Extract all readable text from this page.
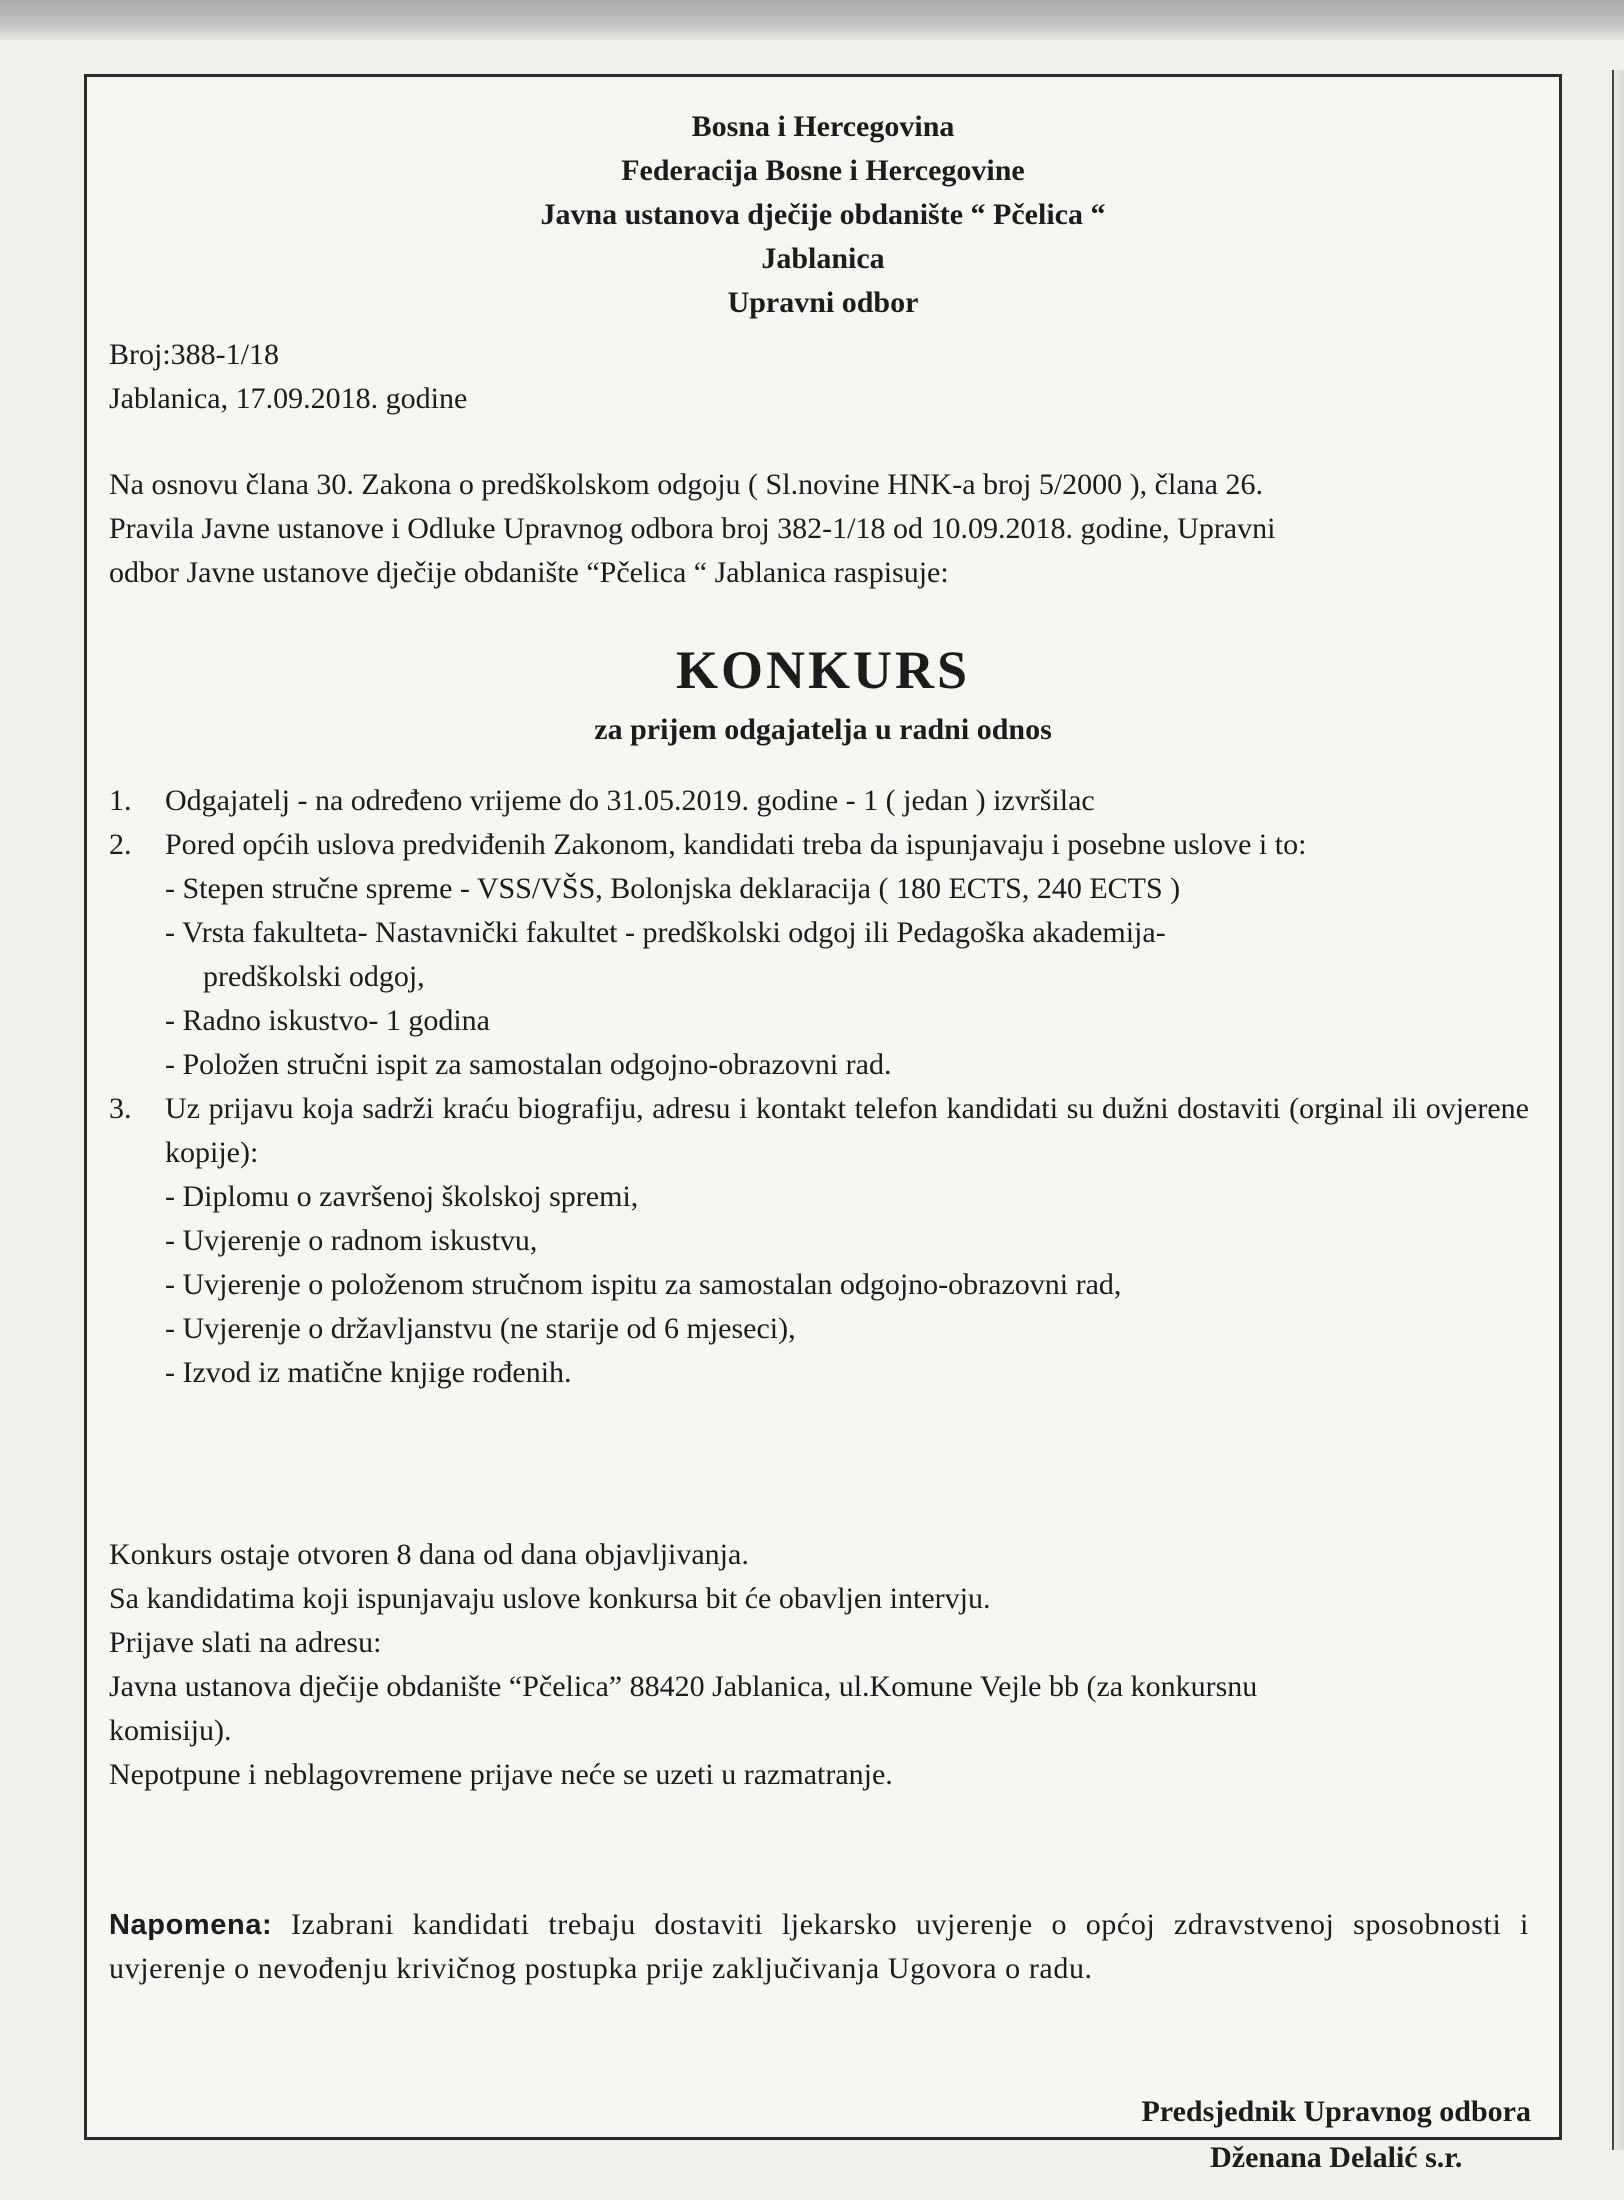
Bosna i Hercegovina
Federacija Bosne i Hercegovine
Javna ustanova dječije obdanište “ Pčelica “
Jablanica
Upravni odbor
Broj:388-1/18
Jablanica, 17.09.2018. godine
Na osnovu člana 30. Zakona o predškolskom odgoju ( Sl.novine HNK-a broj 5/2000 ), člana 26.
Pravila Javne ustanove i Odluke Upravnog odbora broj 382-1/18 od 10.09.2018. godine, Upravni
odbor Javne ustanove dječije obdanište “Pčelica “ Jablanica raspisuje:
KONKURS
za prijem odgajatelja u radni odnos
1.	Odgajatelj - na određeno vrijeme do 31.05.2019. godine - 1 ( jedan ) izvršilac
2.	Pored općih uslova predviđenih Zakonom, kandidati treba da ispunjavaju i posebne uslove i to:
- Stepen stručne spreme - VSS/VŠS, Bolonjska deklaracija ( 180 ECTS, 240 ECTS )
- Vrsta fakulteta- Nastavnički fakultet - predškolski odgoj ili Pedagoška akademija-
predškolski odgoj,
- Radno iskustvo- 1 godina
- Položen stručni ispit za samostalan odgojno-obrazovni rad.
3.	Uz prijavu koja sadrži kraću biografiju, adresu i kontakt telefon kandidati su dužni dostaviti (orginal ili ovjerene kopije):
- Diplomu o završenoj školskoj spremi,
- Uvjerenje o radnom iskustvu,
- Uvjerenje o položenom stručnom ispitu za samostalan odgojno-obrazovni rad,
- Uvjerenje o državljanstvu (ne starije od 6 mjeseci),
- Izvod iz matične knjige rođenih.
Konkurs ostaje otvoren 8 dana od dana objavljivanja.
Sa kandidatima koji ispunjavaju uslove konkursa bit će obavljen intervju.
Prijave slati na adresu:
Javna ustanova dječije obdanište “Pčelica” 88420 Jablanica, ul.Komune Vejle bb (za konkursnu
komisiju).
Nepotpune i neblagovremene prijave neće se uzeti u razmatranje.
Napomena: Izabrani kandidati trebaju dostaviti ljekarsko uvjerenje o općoj zdravstvenoj sposobnosti i uvjerenje o nevođenju krivičnog postupka prije zaključivanja Ugovora o radu.
Predsjednik Upravnog odbora
Dženana Delalić s.r.
